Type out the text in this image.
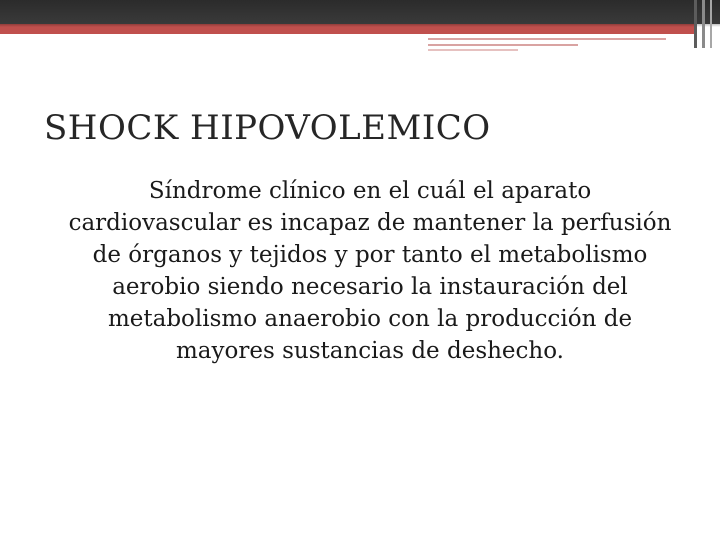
SHOCK HIPOVOLEMICO

Síndrome clínico en el cuál el aparato cardiovascular es incapaz de mantener la perfusión de órganos y tejidos y por tanto el metabolismo aerobio siendo necesario la instauración del metabolismo anaerobio con la producción de mayores sustancias de deshecho.
